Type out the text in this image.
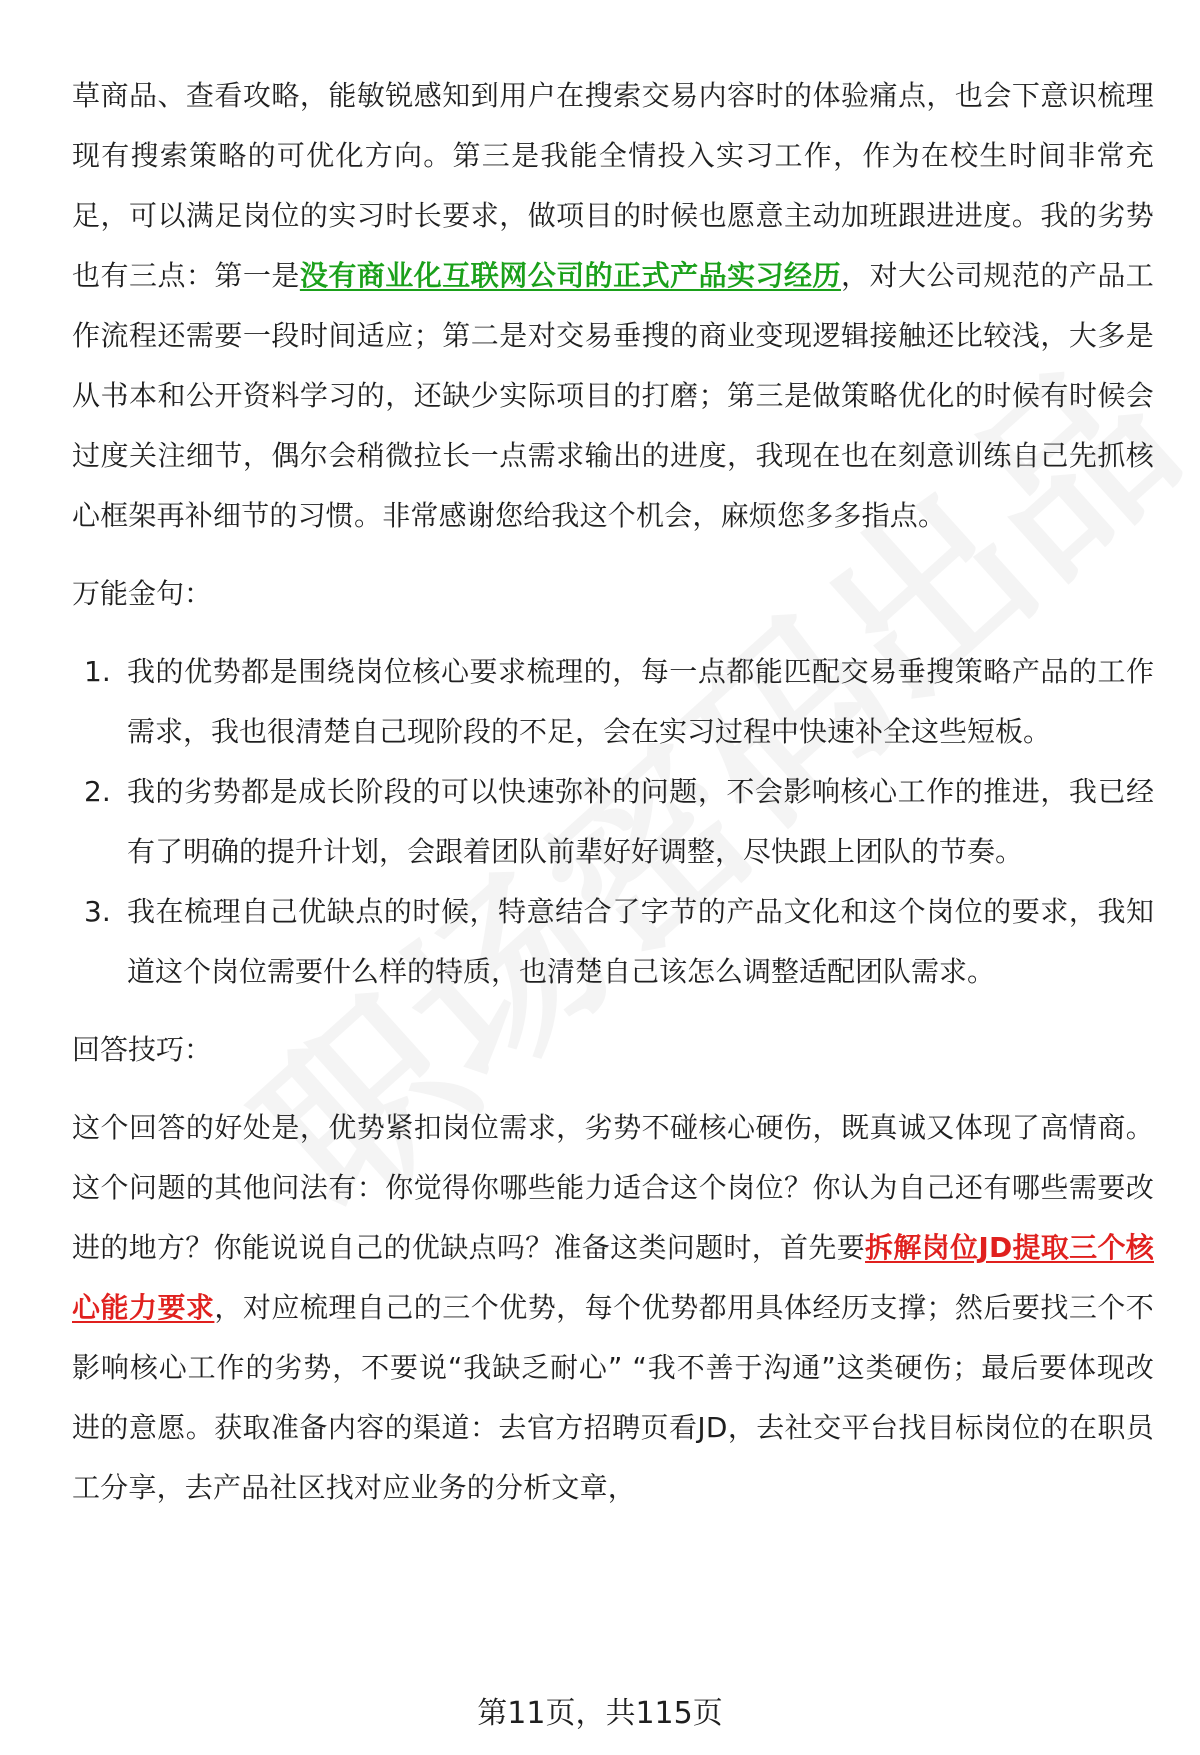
草商品、查看攻略，能敏锐感知到用户在搜索交易内容时的体验痛点，也会下意识梳理现有搜索策略的可优化方向。第三是我能全情投入实习工作，作为在校生时间非常充足，可以满足岗位的实习时长要求，做项目的时候也愿意主动加班跟进进度。我的劣势也有三点：第一是没有商业化互联网公司的正式产品实习经历，对大公司规范的产品工作流程还需要一段时间适应；第二是对交易垂搜的商业变现逻辑接触还比较浅，大多是从书本和公开资料学习的，还缺少实际项目的打磨；第三是做策略优化的时候有时候会过度关注细节，偶尔会稍微拉长一点需求输出的进度，我现在也在刻意训练自己先抓核心框架再补细节的习惯。非常感谢您给我这个机会，麻烦您多多指点。

万能金句：

1. 我的优势都是围绕岗位核心要求梳理的，每一点都能匹配交易垂搜策略产品的工作需求，我也很清楚自己现阶段的不足，会在实习过程中快速补全这些短板。
2. 我的劣势都是成长阶段的可以快速弥补的问题，不会影响核心工作的推进，我已经有了明确的提升计划，会跟着团队前辈好好调整，尽快跟上团队的节奏。
3. 我在梳理自己优缺点的时候，特意结合了字节的产品文化和这个岗位的要求，我知道这个岗位需要什么样的特质，也清楚自己该怎么调整适配团队需求。

回答技巧：

这个回答的好处是，优势紧扣岗位需求，劣势不碰核心硬伤，既真诚又体现了高情商。这个问题的其他问法有：你觉得你哪些能力适合这个岗位？你认为自己还有哪些需要改进的地方？你能说说自己的优缺点吗？准备这类问题时，首先要拆解岗位JD提取三个核心能力要求，对应梳理自己的三个优势，每个优势都用具体经历支撑；然后要找三个不影响核心工作的劣势，不要说“我缺乏耐心” “我不善于沟通”这类硬伤；最后要体现改进的意愿。获取准备内容的渠道：去官方招聘页看JD，去社交平台找目标岗位的在职员工分享，去产品社区找对应业务的分析文章，

第11页，共115页
